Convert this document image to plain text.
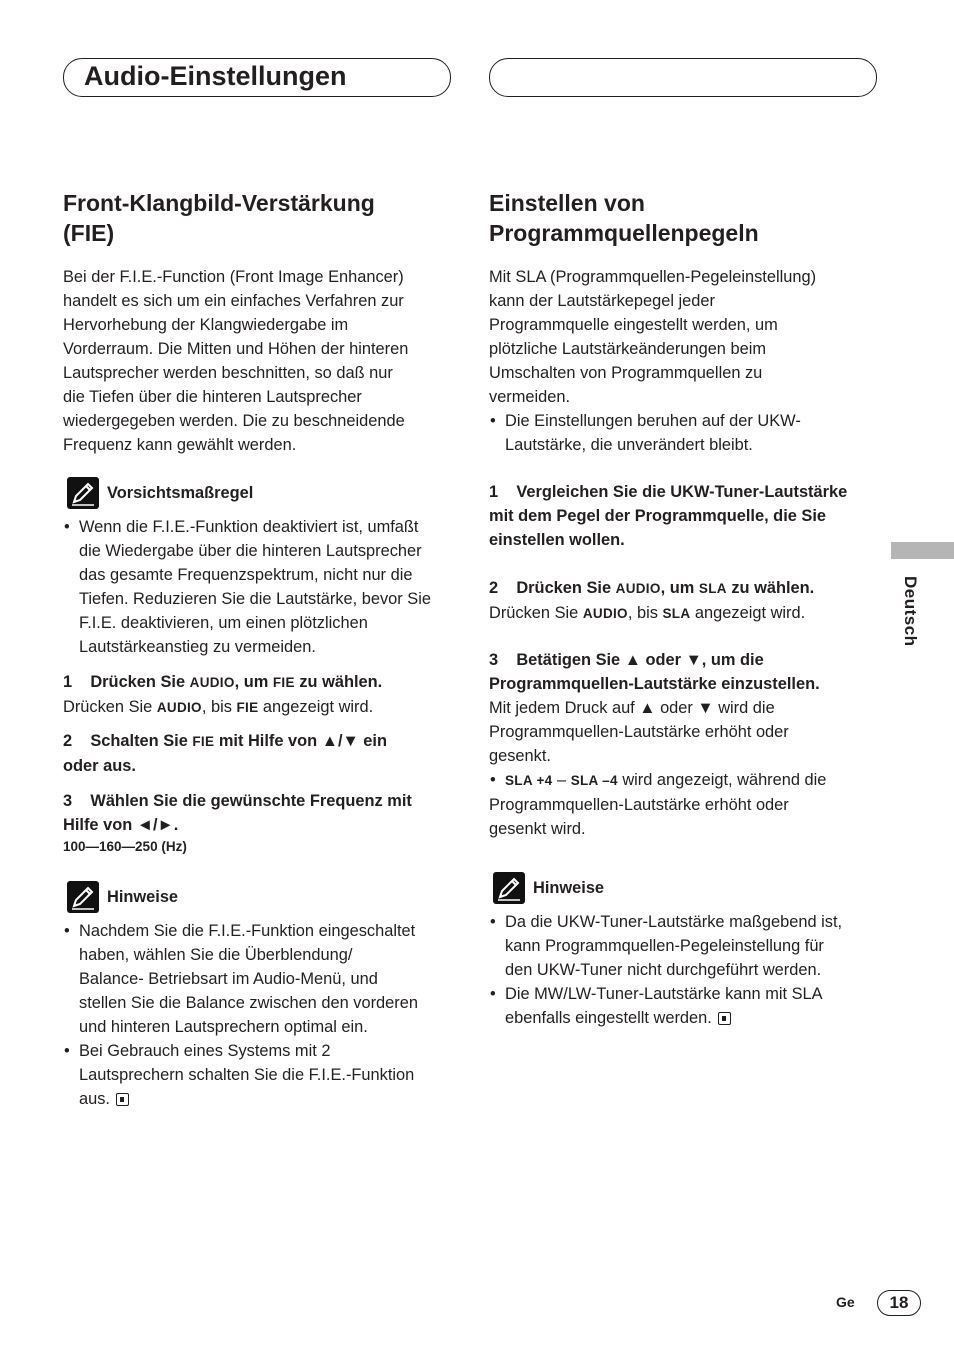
Audio-Einstellungen
Front-Klangbild-Verstärkung
(FIE)

Bei der F.I.E.-Function (Front Image Enhancer)

handelt es sich um ein einfaches Verfahren zur

Hervorhebung der Klangwiedergabe im

Vorderraum. Die Mitten und Höhen der hinteren

Lautsprecher werden beschnitten, so daß nur

die Tiefen über die hinteren Lautsprecher

wiedergegeben werden. Die zu beschneidende

Frequenz kann gewählt werden.

Vorsichtsmaßregel
• Wenn die F.I.E.-Funktion deaktiviert ist, umfaßt

die Wiedergabe über die hinteren Lautsprecher

das gesamte Frequenzspektrum, nicht nur die

Tiefen. Reduzieren Sie die Lautstärke, bevor Sie

F.I.E. deaktivieren, um einen plötzlichen

Lautstärkeanstieg zu vermeiden.

1 Drücken Sie AUDIO, um FIE zu wählen.

Drücken Sie AUDIO, bis FIE angezeigt wird.

2 Schalten Sie FIE mit Hilfe von ▲/▼ ein

oder aus.

3 Wählen Sie die gewünschte Frequenz mit

Hilfe von ◄/►.

100—160—250 (Hz)

Hinweise
• Nachdem Sie die F.I.E.-Funktion eingeschaltet

haben, wählen Sie die Überblendung/

Balance- Betriebsart im Audio-Menü, und

stellen Sie die Balance zwischen den vorderen

und hinteren Lautsprechern optimal ein.

• Bei Gebrauch eines Systems mit 2

Lautsprechern schalten Sie die F.I.E.-Funktion

aus.

Einstellen von
Programmquellenpegeln

Mit SLA (Programmquellen-Pegeleinstellung)

kann der Lautstärkepegel jeder

Programmquelle eingestellt werden, um

plötzliche Lautstärkeänderungen beim

Umschalten von Programmquellen zu

vermeiden.

• Die Einstellungen beruhen auf der UKW-

Lautstärke, die unverändert bleibt.

1 Vergleichen Sie die UKW-Tuner-Lautstärke

mit dem Pegel der Programmquelle, die Sie

einstellen wollen.

2 Drücken Sie AUDIO, um SLA zu wählen.

Drücken Sie AUDIO, bis SLA angezeigt wird.

3 Betätigen Sie ▲ oder ▼, um die

Programmquellen-Lautstärke einzustellen.

Mit jedem Druck auf ▲ oder ▼ wird die

Programmquellen-Lautstärke erhöht oder

gesenkt.

• SLA +4 – SLA –4 wird angezeigt, während die

Programmquellen-Lautstärke erhöht oder

gesenkt wird.

Hinweise
• Da die UKW-Tuner-Lautstärke maßgebend ist,

kann Programmquellen-Pegeleinstellung für

den UKW-Tuner nicht durchgeführt werden.

• Die MW/LW-Tuner-Lautstärke kann mit SLA

ebenfalls eingestellt werden.

Deutsch
Ge	18
